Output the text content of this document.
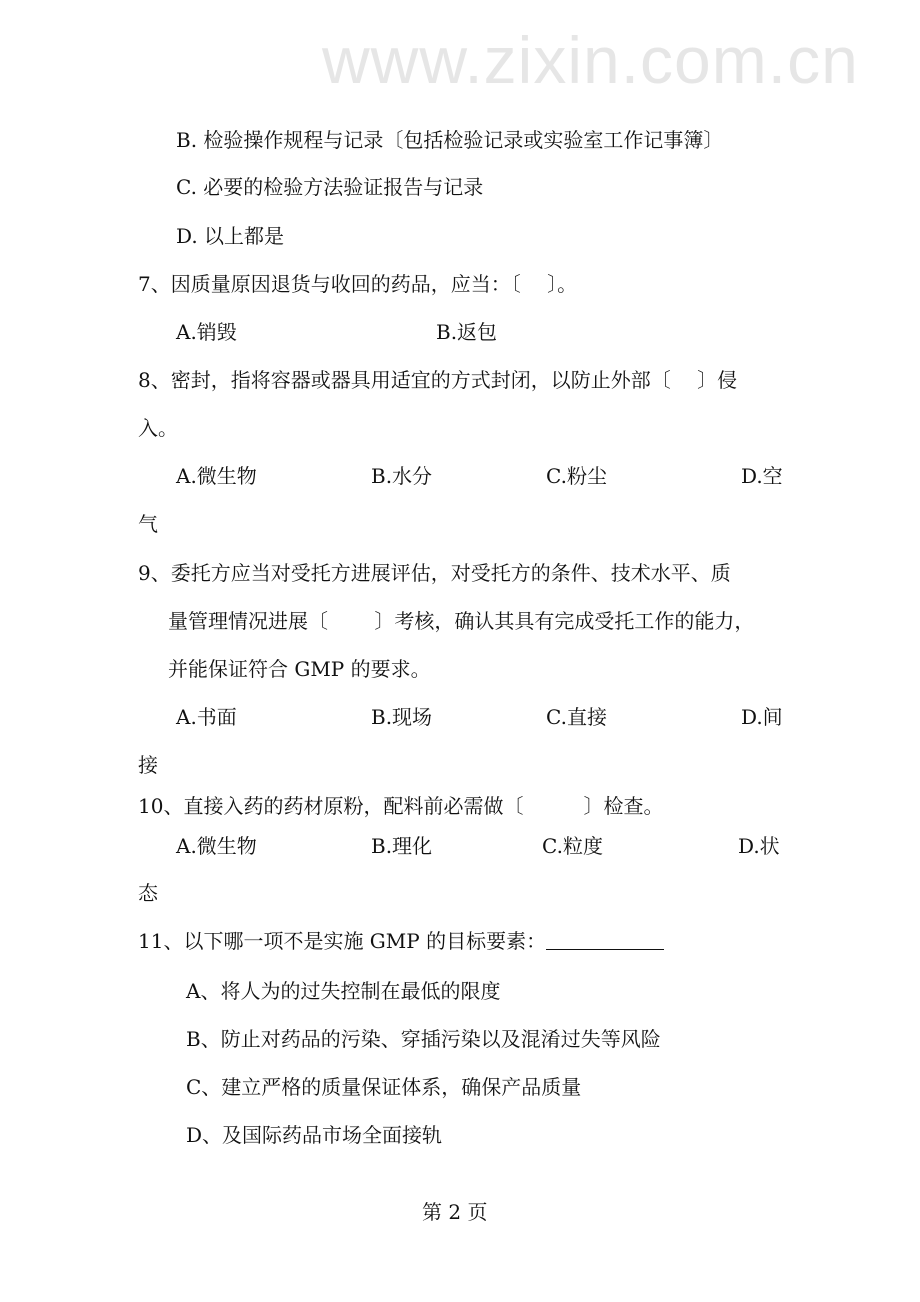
www.zixin.com.cn
B. 检验操作规程与记录〔包括检验记录或实验室工作记事簿〕
C. 必要的检验方法验证报告与记录
D. 以上都是
7、因质量原因退货与收回的药品，应当：〔　 〕。
A.销毁	B.返包
8、密封，指将容器或器具用适宜的方式封闭，以防止外部〔　 〕侵
入。
A.微生物	B.水分	C.粉尘	D.空
气
9、委托方应当对受托方进展评估，对受托方的条件、技术水平、质
量管理情况进展〔　 　〕考核，确认其具有完成受托工作的能力，
并能保证符合 GMP 的要求。
A.书面	B.现场	C.直接	D.间
接
10、直接入药的药材原粉，配料前必需做〔　　　〕检查。
A.微生物	B.理化	C.粒度	D.状
态
11、以下哪一项不是实施 GMP 的目标要素：
A、将人为的过失控制在最低的限度
B、防止对药品的污染、穿插污染以及混淆过失等风险
C、建立严格的质量保证体系，确保产品质量
D、及国际药品市场全面接轨
第 2 页
